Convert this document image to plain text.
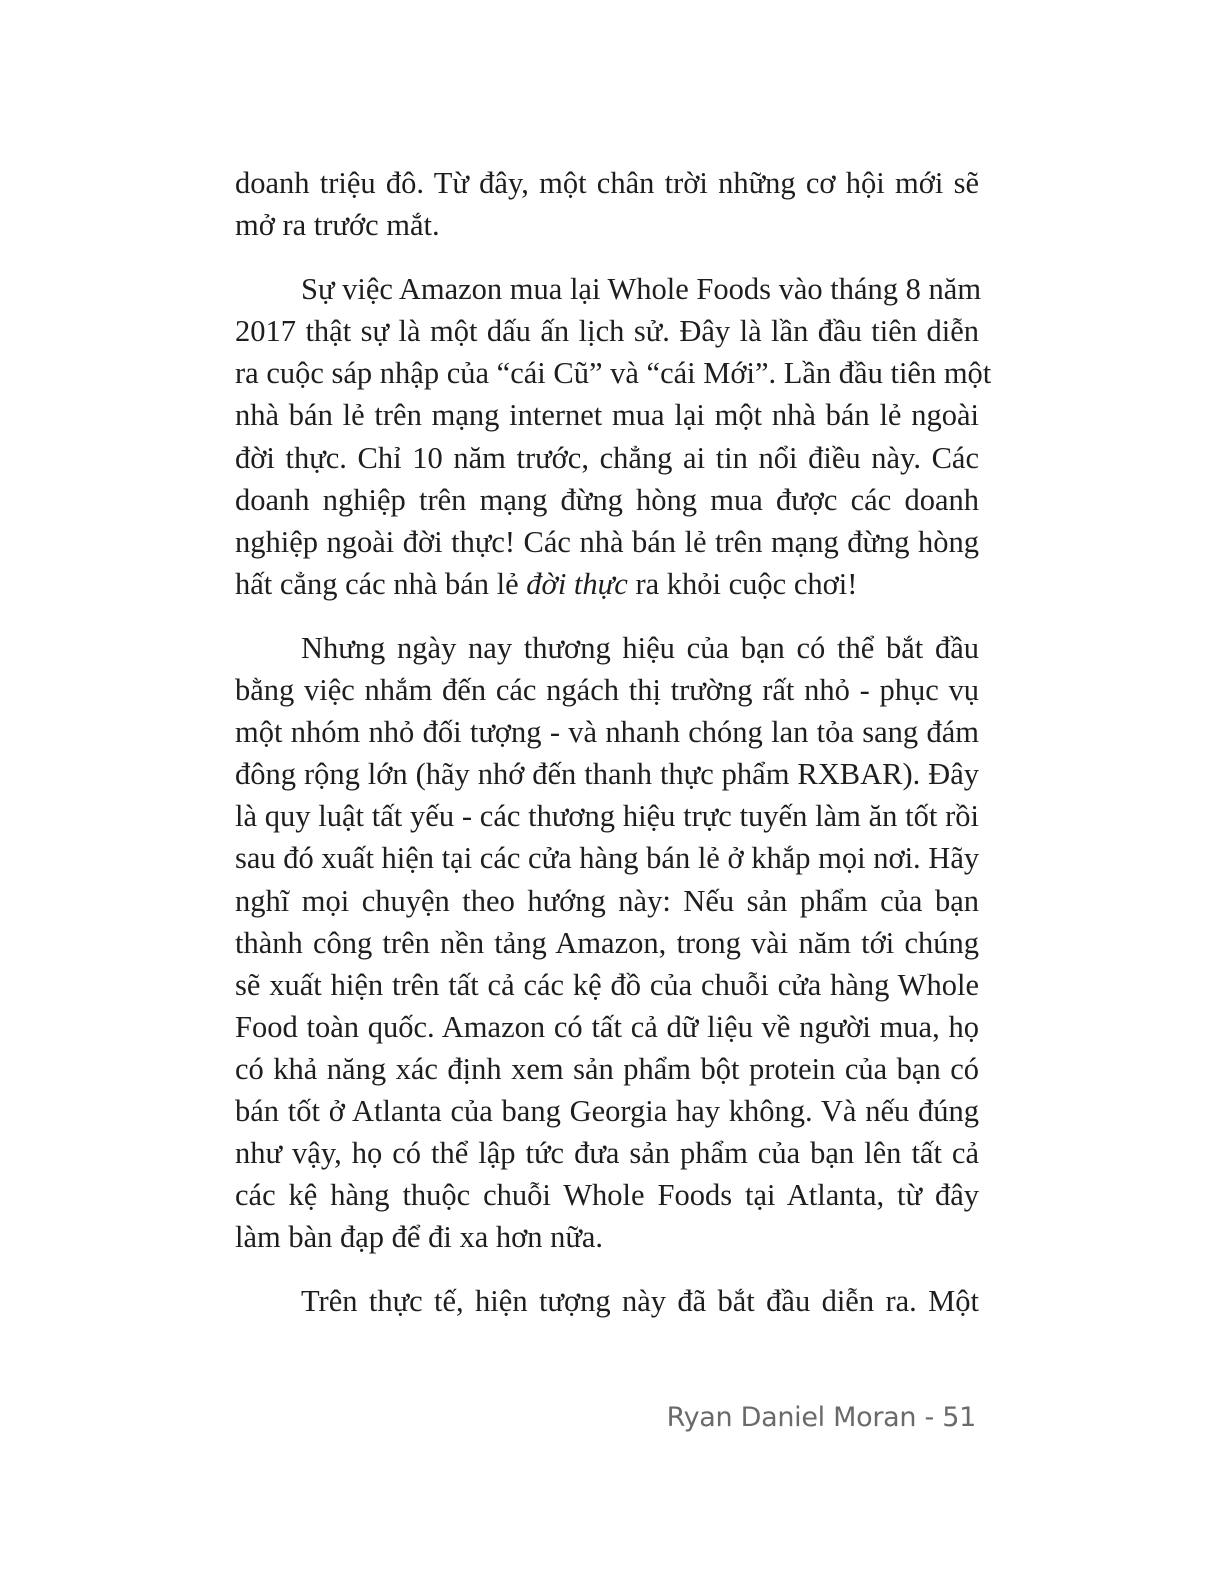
doanh triệu đô. Từ đây, một chân trời những cơ hội mới sẽ
mở ra trước mắt.
Sự việc Amazon mua lại Whole Foods vào tháng 8 năm
2017 thật sự là một dấu ấn lịch sử. Đây là lần đầu tiên diễn
ra cuộc sáp nhập của “cái Cũ” và “cái Mới”. Lần đầu tiên một
nhà bán lẻ trên mạng internet mua lại một nhà bán lẻ ngoài
đời thực. Chỉ 10 năm trước, chẳng ai tin nổi điều này. Các
doanh nghiệp trên mạng đừng hòng mua được các doanh
nghiệp ngoài đời thực! Các nhà bán lẻ trên mạng đừng hòng
hất cẳng các nhà bán lẻ đời thực ra khỏi cuộc chơi!
Nhưng ngày nay thương hiệu của bạn có thể bắt đầu
bằng việc nhắm đến các ngách thị trường rất nhỏ - phục vụ
một nhóm nhỏ đối tượng - và nhanh chóng lan tỏa sang đám
đông rộng lớn (hãy nhớ đến thanh thực phẩm RXBAR). Đây
là quy luật tất yếu - các thương hiệu trực tuyến làm ăn tốt rồi
sau đó xuất hiện tại các cửa hàng bán lẻ ở khắp mọi nơi. Hãy
nghĩ mọi chuyện theo hướng này: Nếu sản phẩm của bạn
thành công trên nền tảng Amazon, trong vài năm tới chúng
sẽ xuất hiện trên tất cả các kệ đồ của chuỗi cửa hàng Whole
Food toàn quốc. Amazon có tất cả dữ liệu về người mua, họ
có khả năng xác định xem sản phẩm bột protein của bạn có
bán tốt ở Atlanta của bang Georgia hay không. Và nếu đúng
như vậy, họ có thể lập tức đưa sản phẩm của bạn lên tất cả
các kệ hàng thuộc chuỗi Whole Foods tại Atlanta, từ đây
làm bàn đạp để đi xa hơn nữa.
Trên thực tế, hiện tượng này đã bắt đầu diễn ra. Một
Ryan Daniel Moran - 51
